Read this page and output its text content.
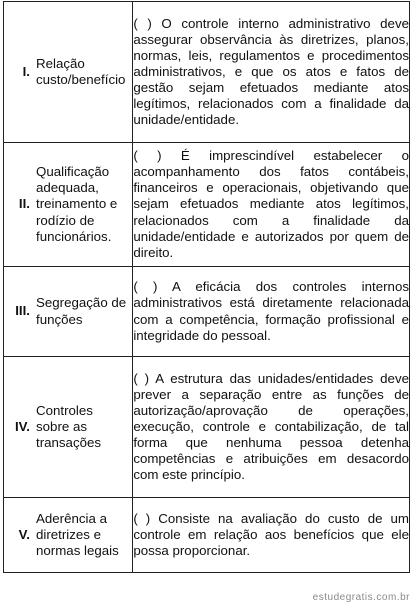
I.
Relação custo/benefício	( ) O controle interno administrativo deve assegurar observância às diretrizes, planos, normas, leis, regulamentos e procedimentos administrativos, e que os atos e fatos de gestão sejam efetuados mediante atos legítimos, relacionados com a finalidade da unidade/entidade.

II.
Qualificação adequada, treinamento e rodízio de funcionários.	( ) É imprescindível estabelecer o acompanhamento dos fatos contábeis, financeiros e operacionais, objetivando que sejam efetuados mediante atos legítimos, relacionados com a finalidade da unidade/entidade e autorizados por quem de direito.

III.
Segregação de funções	( ) A eficácia dos controles internos administrativos está diretamente relacionada com a competência, formação profissional e integridade do pessoal.

IV.
Controles sobre as transações	( ) A estrutura das unidades/entidades deve prever a separação entre as funções de autorização/aprovação de operações, execução, controle e contabilização, de tal forma que nenhuma pessoa detenha competências e atribuições em desacordo com este princípio.

V.
Aderência a diretrizes e normas legais	( ) Consiste na avaliação do custo de um controle em relação aos benefícios que ele possa proporcionar.
estudegratis.com.br
